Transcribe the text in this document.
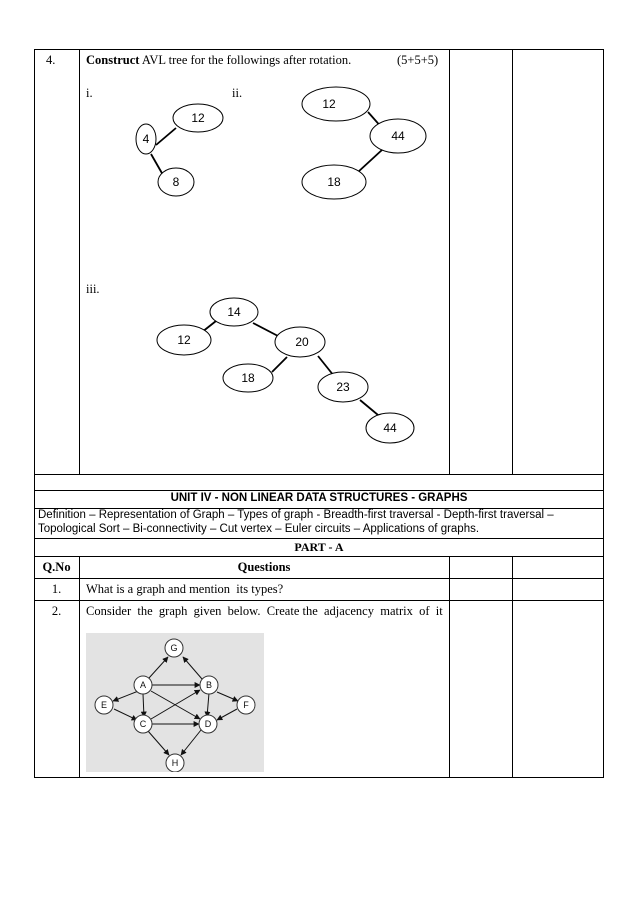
4. Construct AVL tree for the followings after rotation.	(5+5+5)
i.	ii.
iii.
12
4
8
12
44
18
14
12	20
18
23
44
UNIT IV - NON LINEAR DATA STRUCTURES - GRAPHS
Definition – Representation of Graph – Types of graph - Breadth-first traversal - Depth-first traversal –
Topological Sort – Bi-connectivity – Cut vertex – Euler circuits – Applications of graphs.
PART - A
Q.No	Questions
1.	What is a graph and mention  its types?
2.	Consider  the  graph  given  below.  Create the  adjacency  matrix  of  it
G
A	B
E	F
C	D
H
